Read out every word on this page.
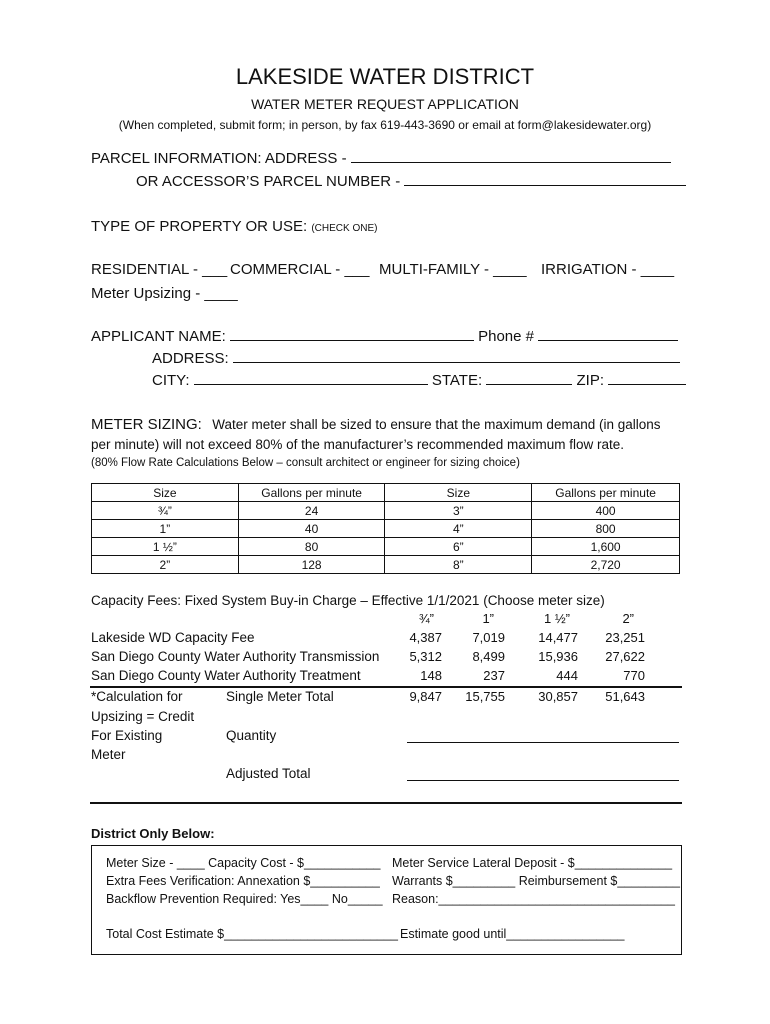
LAKESIDE WATER DISTRICT
WATER METER REQUEST APPLICATION
(When completed, submit form; in person, by fax 619-443-3690 or email at form@lakesidewater.org)
PARCEL INFORMATION: ADDRESS -
OR ACCESSOR’S PARCEL NUMBER -
TYPE OF PROPERTY OR USE: (CHECK ONE)
RESIDENTIAL - ___ COMMERCIAL - ___ MULTI-FAMILY - ____ IRRIGATION - ____
Meter Upsizing - ____
APPLICANT NAME:	Phone #
ADDRESS:
CITY:	STATE:	ZIP:
METER SIZING: Water meter shall be sized to ensure that the maximum demand (in gallons
per minute) will not exceed 80% of the manufacturer’s recommended maximum flow rate.
(80% Flow Rate Calculations Below – consult architect or engineer for sizing choice)
Size	Gallons per minute	Size	Gallons per minute
¾”	24	3”	400
1”	40	4”	800
1 ½”	80	6”	1,600
2”	128	8”	2,720
Capacity Fees: Fixed System Buy-in Charge – Effective 1/1/2021 (Choose meter size)
¾”	1”	1 ½”	2”
Lakeside WD Capacity Fee	4,387	7,019	14,477	23,251
San Diego County Water Authority Transmission	5,312	8,499	15,936	27,622
San Diego County Water Authority Treatment	148	237	444	770
*Calculation for
Upsizing = Credit
For Existing
Meter
Single Meter Total	9,847	15,755	30,857	51,643
Quantity
Adjusted Total
District Only Below:
Meter Size - ____ Capacity Cost - $___________ Meter Service Lateral Deposit - $______________
Extra Fees Verification: Annexation $__________ Warrants $_________ Reimbursement $_________
Backflow Prevention Required: Yes____ No_____ Reason:__________________________________
Total Cost Estimate $_________________________ Estimate good until_________________
